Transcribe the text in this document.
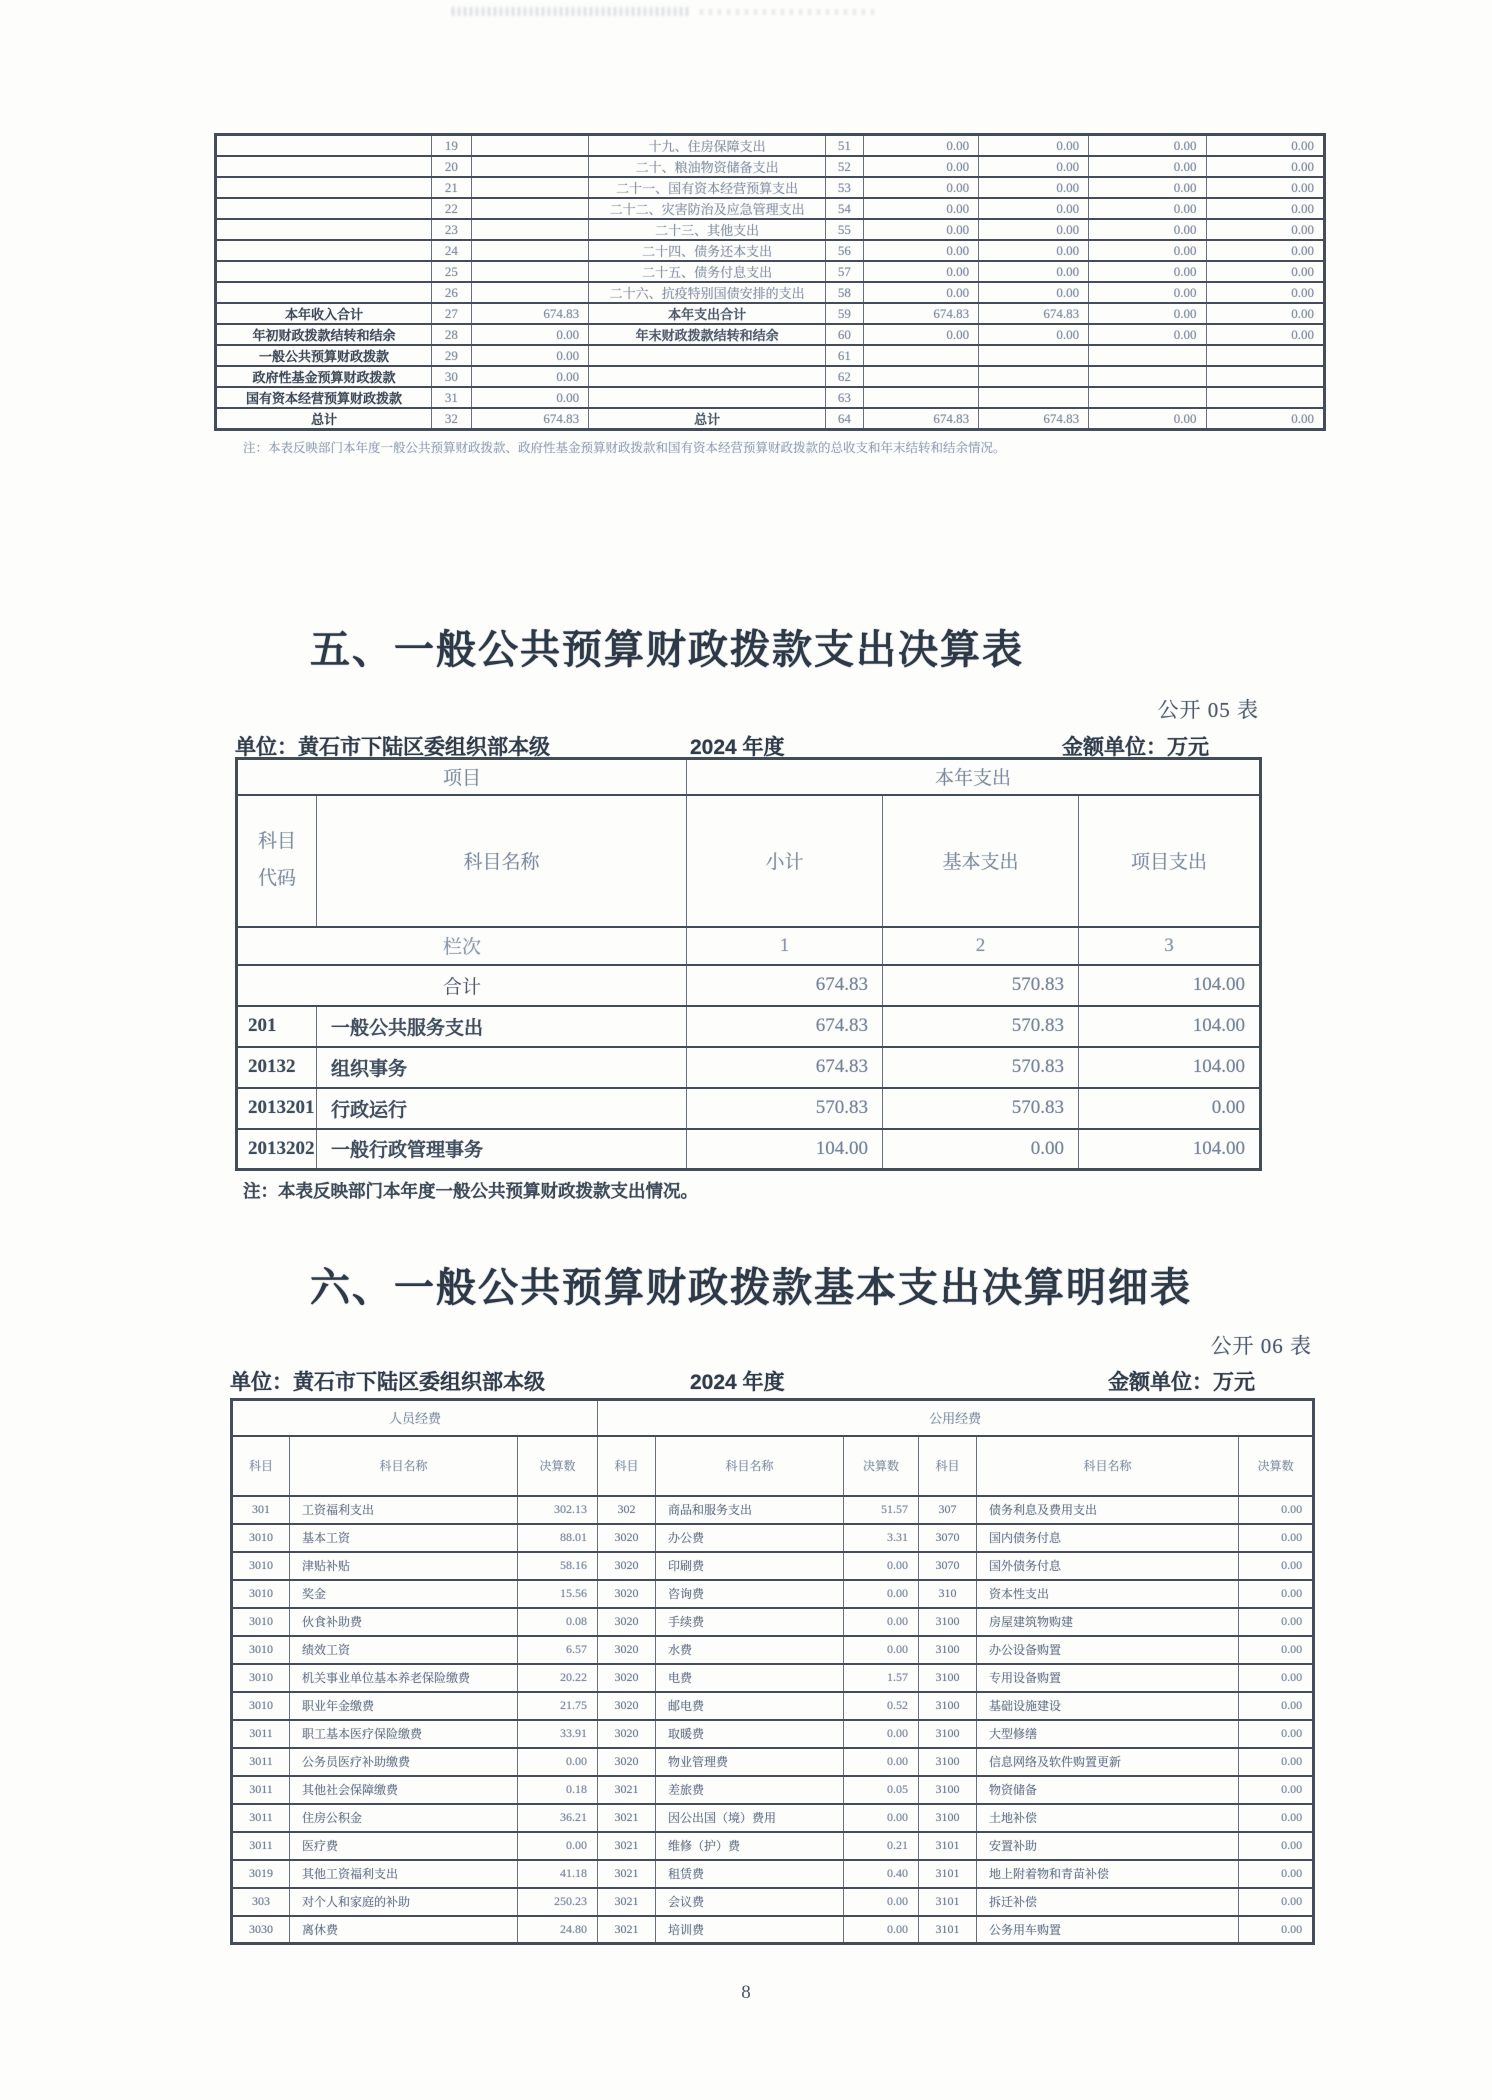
	19		十九、住房保障支出	51	0.00	0.00	0.00	0.00
	20		二十、粮油物资储备支出	52	0.00	0.00	0.00	0.00
	21		二十一、国有资本经营预算支出	53	0.00	0.00	0.00	0.00
	22		二十二、灾害防治及应急管理支出	54	0.00	0.00	0.00	0.00
	23		二十三、其他支出	55	0.00	0.00	0.00	0.00
	24		二十四、债务还本支出	56	0.00	0.00	0.00	0.00
	25		二十五、债务付息支出	57	0.00	0.00	0.00	0.00
	26		二十六、抗疫特别国债安排的支出	58	0.00	0.00	0.00	0.00
本年收入合计	27	674.83	本年支出合计	59	674.83	674.83	0.00	0.00
年初财政拨款结转和结余	28	0.00	年末财政拨款结转和结余	60	0.00	0.00	0.00	0.00
一般公共预算财政拨款	29	0.00		61				
政府性基金预算财政拨款	30	0.00		62				
国有资本经营预算财政拨款	31	0.00		63				
总计	32	674.83	总计	64	674.83	674.83	0.00	0.00

注：本表反映部门本年度一般公共预算财政拨款、政府性基金预算财政拨款和国有资本经营预算财政拨款的总收支和年末结转和结余情况。

五、一般公共预算财政拨款支出决算表
公开 05 表
单位：黄石市下陆区委组织部本级	2024 年度	金额单位：万元
项目		本年支出		
科目代码	科目名称	小计	基本支出	项目支出
栏次		1	2	3
合计		674.83	570.83	104.00
201	一般公共服务支出	674.83	570.83	104.00
20132	组织事务	674.83	570.83	104.00
2013201	行政运行	570.83	570.83	0.00
2013202	一般行政管理事务	104.00	0.00	104.00

注：本表反映部门本年度一般公共预算财政拨款支出情况。

六、一般公共预算财政拨款基本支出决算明细表
公开 06 表
单位：黄石市下陆区委组织部本级	2024 年度	金额单位：万元
人员经费			公用经费					
科目	科目名称	决算数	科目	科目名称	决算数	科目	科目名称	决算数
301	工资福利支出	302.13	302	商品和服务支出	51.57	307	债务利息及费用支出	0.00
3010	基本工资	88.01	3020	办公费	3.31	3070	国内债务付息	0.00
3010	津贴补贴	58.16	3020	印刷费	0.00	3070	国外债务付息	0.00
3010	奖金	15.56	3020	咨询费	0.00	310	资本性支出	0.00
3010	伙食补助费	0.08	3020	手续费	0.00	3100	房屋建筑物购建	0.00
3010	绩效工资	6.57	3020	水费	0.00	3100	办公设备购置	0.00
3010	机关事业单位基本养老保险缴费	20.22	3020	电费	1.57	3100	专用设备购置	0.00
3010	职业年金缴费	21.75	3020	邮电费	0.52	3100	基础设施建设	0.00
3011	职工基本医疗保险缴费	33.91	3020	取暖费	0.00	3100	大型修缮	0.00
3011	公务员医疗补助缴费	0.00	3020	物业管理费	0.00	3100	信息网络及软件购置更新	0.00
3011	其他社会保障缴费	0.18	3021	差旅费	0.05	3100	物资储备	0.00
3011	住房公积金	36.21	3021	因公出国（境）费用	0.00	3100	土地补偿	0.00
3011	医疗费	0.00	3021	维修（护）费	0.21	3101	安置补助	0.00
3019	其他工资福利支出	41.18	3021	租赁费	0.40	3101	地上附着物和青苗补偿	0.00
303	对个人和家庭的补助	250.23	3021	会议费	0.00	3101	拆迁补偿	0.00
3030	离休费	24.80	3021	培训费	0.00	3101	公务用车购置	0.00
8
